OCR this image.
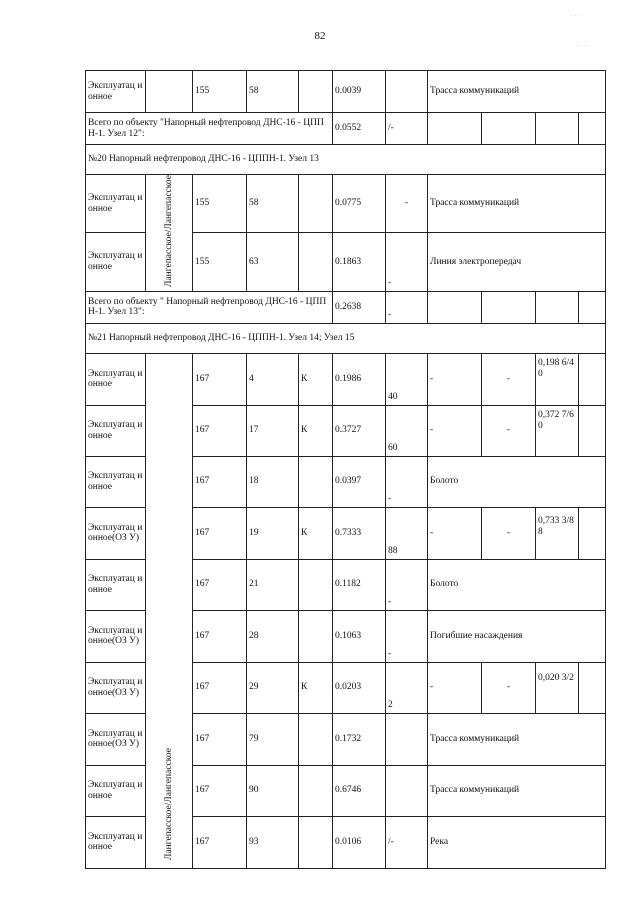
82
· · ·
· · · ·
Эксплуатац ионное		155	58		0.0039		Трасса коммуникаций			
Всего по объекту "Напорный нефтепровод ДНС-16 - ЦППН-1. Узел 12":					0.0552	/-				
№20 Напорный нефтепровод ДНС-16 - ЦППН-1. Узел 13										
Эксплуатац ионное	Лангепасское/Лангепасское	155	58		0.0775	-	Трасса коммуникаций			
Эксплуатац ионное		155	63		0.1863	-	Линия электропередач			
Всего по объекту " Напорный нефтепровод ДНС-16 - ЦППН-1. Узел 13":					0.2638	-				
№21 Напорный нефтепровод ДНС-16 - ЦППН-1. Узел 14; Узел 15										
Эксплуатац ионное	Лангепасское/Лангепасское	167	4	К	0.1986	40	-	-	0,198 6/40	
Эксплуатац ионное		167	17	К	0.3727	60	-	-	0,372 7/60	
Эксплуатац ионное		167	18		0.0397	-	Болото			
Эксплуатац ионное(ОЗ У)		167	19	К	0.7333	88	-	-	0,733 3/88	
Эксплуатац ионное		167	21		0.1182	-	Болото			
Эксплуатац ионное(ОЗ У)		167	28		0.1063	-	Погибшие насаждения			
Эксплуатац ионное(ОЗ У)		167	29	К	0.0203	2	-	-	0,020 3/2	
Эксплуатац ионное(ОЗ У)		167	79		0.1732		Трасса коммуникаций			
Эксплуатац ионное		167	90		0.6746		Трасса коммуникаций			
Эксплуатац ионное		167	93		0.0106	/-	Река			
